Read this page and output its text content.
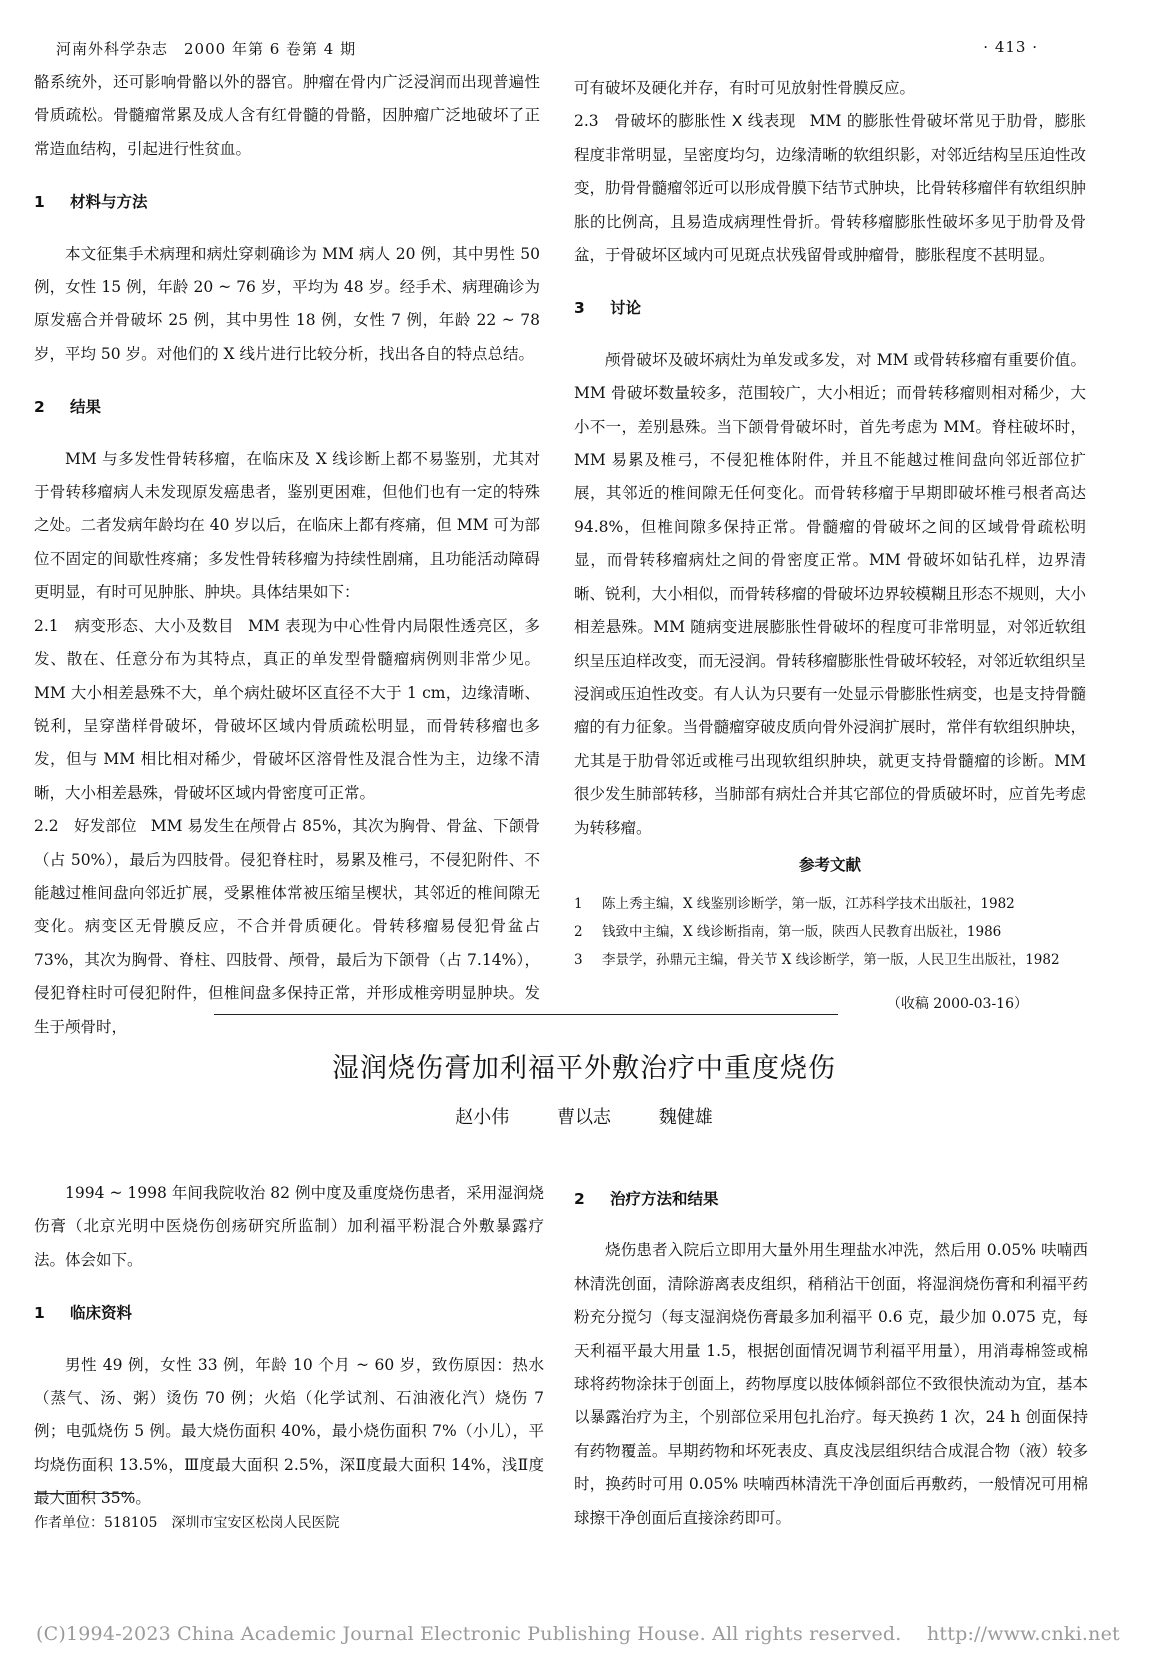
河南外科学杂志　2000 年第 6 卷第 4 期	· 413 ·

骼系统外，还可影响骨骼以外的器官。肿瘤在骨内广泛浸润而出现普遍性骨质疏松。骨髓瘤常累及成人含有红骨髓的骨骼，因肿瘤广泛地破坏了正常造血结构，引起进行性贫血。

1 材料与方法

本文征集手术病理和病灶穿刺确诊为 MM 病人 20 例，其中男性 50 例，女性 15 例，年龄 20 ~ 76 岁，平均为 48 岁。经手术、病理确诊为原发癌合并骨破坏 25 例，其中男性 18 例，女性 7 例，年龄 22 ~ 78 岁，平均 50 岁。对他们的 X 线片进行比较分析，找出各自的特点总结。

2 结果

MM 与多发性骨转移瘤，在临床及 X 线诊断上都不易鉴别，尤其对于骨转移瘤病人未发现原发癌患者，鉴别更困难，但他们也有一定的特殊之处。二者发病年龄均在 40 岁以后，在临床上都有疼痛，但 MM 可为部位不固定的间歇性疼痛；多发性骨转移瘤为持续性剧痛，且功能活动障碍更明显，有时可见肿胀、肿块。具体结果如下：

2.1 病变形态、大小及数目 MM 表现为中心性骨内局限性透亮区，多发、散在、任意分布为其特点，真正的单发型骨髓瘤病例则非常少见。MM 大小相差悬殊不大，单个病灶破坏区直径不大于 1 cm，边缘清晰、锐利，呈穿凿样骨破坏，骨破坏区域内骨质疏松明显，而骨转移瘤也多发，但与 MM 相比相对稀少，骨破坏区溶骨性及混合性为主，边缘不清晰，大小相差悬殊，骨破坏区域内骨密度可正常。

2.2 好发部位 MM 易发生在颅骨占 85%，其次为胸骨、骨盆、下颌骨（占 50%），最后为四肢骨。侵犯脊柱时，易累及椎弓，不侵犯附件、不能越过椎间盘向邻近扩展，受累椎体常被压缩呈楔状，其邻近的椎间隙无变化。病变区无骨膜反应，不合并骨质硬化。骨转移瘤易侵犯骨盆占 73%，其次为胸骨、脊柱、四肢骨、颅骨，最后为下颌骨（占 7.14%），侵犯脊柱时可侵犯附件，但椎间盘多保持正常，并形成椎旁明显肿块。发生于颅骨时，

可有破坏及硬化并存，有时可见放射性骨膜反应。

2.3 骨破坏的膨胀性 X 线表现 MM 的膨胀性骨破坏常见于肋骨，膨胀程度非常明显，呈密度均匀，边缘清晰的软组织影，对邻近结构呈压迫性改变，肋骨骨髓瘤邻近可以形成骨膜下结节式肿块，比骨转移瘤伴有软组织肿胀的比例高，且易造成病理性骨折。骨转移瘤膨胀性破坏多见于肋骨及骨盆，于骨破坏区域内可见斑点状残留骨或肿瘤骨，膨胀程度不甚明显。

3 讨论

颅骨破坏及破坏病灶为单发或多发，对 MM 或骨转移瘤有重要价值。MM 骨破坏数量较多，范围较广，大小相近；而骨转移瘤则相对稀少，大小不一，差别悬殊。当下颌骨骨破坏时，首先考虑为 MM。脊柱破坏时，MM 易累及椎弓，不侵犯椎体附件，并且不能越过椎间盘向邻近部位扩展，其邻近的椎间隙无任何变化。而骨转移瘤于早期即破坏椎弓根者高达 94.8%，但椎间隙多保持正常。骨髓瘤的骨破坏之间的区域骨骨疏松明显，而骨转移瘤病灶之间的骨密度正常。MM 骨破坏如钻孔样，边界清晰、锐利，大小相似，而骨转移瘤的骨破坏边界较模糊且形态不规则，大小相差悬殊。MM 随病变进展膨胀性骨破坏的程度可非常明显，对邻近软组织呈压迫样改变，而无浸润。骨转移瘤膨胀性骨破坏较轻，对邻近软组织呈浸润或压迫性改变。有人认为只要有一处显示骨膨胀性病变，也是支持骨髓瘤的有力征象。当骨髓瘤穿破皮质向骨外浸润扩展时，常伴有软组织肿块，尤其是于肋骨邻近或椎弓出现软组织肿块，就更支持骨髓瘤的诊断。MM 很少发生肺部转移，当肺部有病灶合并其它部位的骨质破坏时，应首先考虑为转移瘤。

参考文献

1 陈上秀主编，X 线鉴别诊断学，第一版，江苏科学技术出版社，1982

2 钱致中主编，X 线诊断指南，第一版，陕西人民教育出版社，1986

3 李景学，孙鼎元主编，骨关节 X 线诊断学，第一版，人民卫生出版社，1982

（收稿 2000-03-16）
湿润烧伤膏加利福平外敷治疗中重度烧伤
赵小伟	曹以志	魏健雄

1994 ~ 1998 年间我院收治 82 例中度及重度烧伤患者，采用湿润烧伤膏（北京光明中医烧伤创疡研究所监制）加利福平粉混合外敷暴露疗法。体会如下。

1 临床资料

男性 49 例，女性 33 例，年龄 10 个月 ~ 60 岁，致伤原因：热水（蒸气、汤、粥）烫伤 70 例；火焰（化学试剂、石油液化汽）烧伤 7 例；电弧烧伤 5 例。最大烧伤面积 40%，最小烧伤面积 7%（小儿），平均烧伤面积 13.5%，Ⅲ度最大面积 2.5%，深Ⅱ度最大面积 14%，浅Ⅱ度最大面积 35%。

作者单位：518105　深圳市宝安区松岗人民医院

2 治疗方法和结果

烧伤患者入院后立即用大量外用生理盐水冲洗，然后用 0.05% 呋喃西林清洗创面，清除游离表皮组织，稍稍沾干创面，将湿润烧伤膏和利福平药粉充分搅匀（每支湿润烧伤膏最多加利福平 0.6 克，最少加 0.075 克，每天利福平最大用量 1.5，根据创面情况调节利福平用量），用消毒棉签或棉球将药物涂抹于创面上，药物厚度以肢体倾斜部位不致很快流动为宜，基本以暴露治疗为主，个别部位采用包扎治疗。每天换药 1 次，24 h 创面保持有药物覆盖。早期药物和坏死表皮、真皮浅层组织结合成混合物（液）较多时，换药时可用 0.05% 呋喃西林清洗干净创面后再敷药，一般情况可用棉球擦干净创面后直接涂药即可。

(C)1994-2023 China Academic Journal Electronic Publishing House. All rights reserved.　 http://www.cnki.net
